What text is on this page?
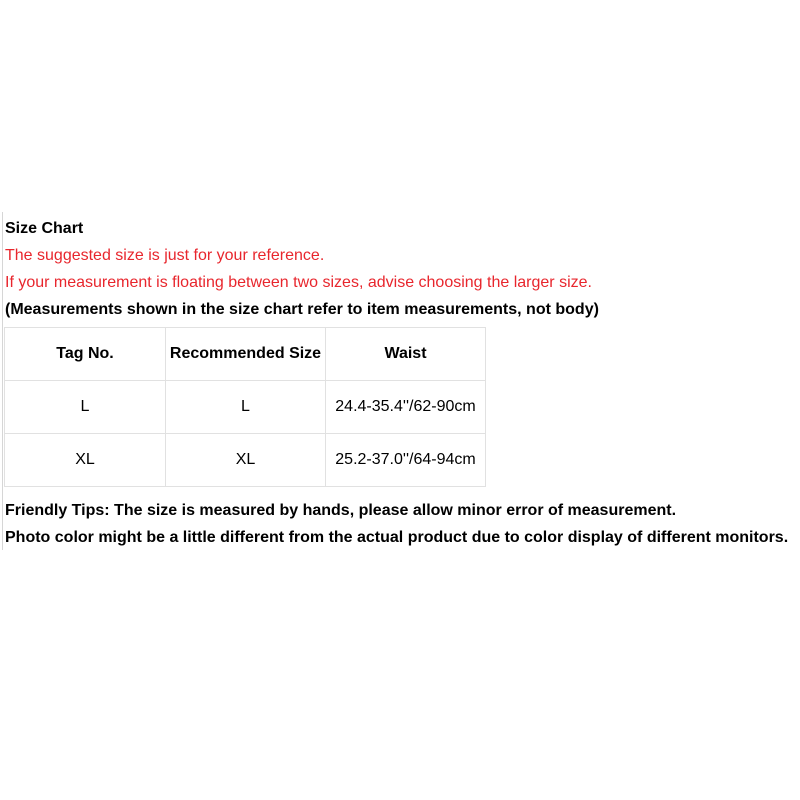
Size Chart
The suggested size is just for your reference.
If your measurement is floating between two sizes, advise choosing the larger size.
(Measurements shown in the size chart refer to item measurements, not body)
Tag No.	Recommended Size	Waist
L	L	24.4-35.4''/62-90cm
XL	XL	25.2-37.0''/64-94cm
Friendly Tips: The size is measured by hands, please allow minor error of measurement.
Photo color might be a little different from the actual product due to color display of different monitors.
